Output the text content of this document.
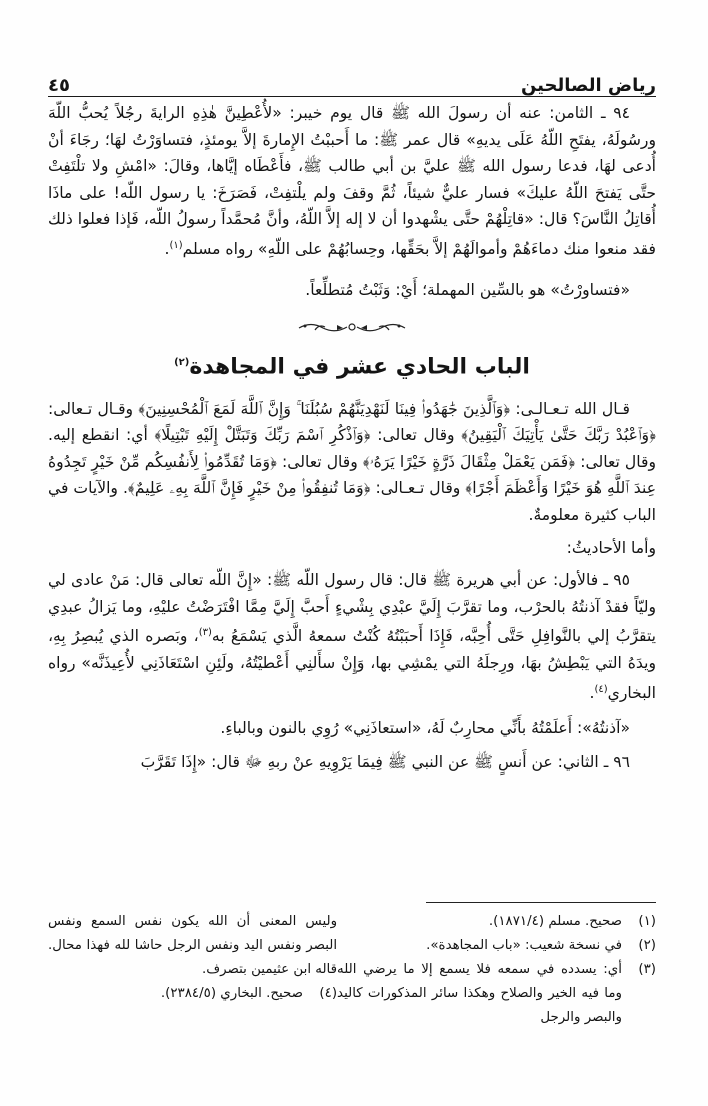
رياض الصالحين
٤٥

٩٤ ـ الثامن: عنه أن رسولَ الله ﷺ قال يوم خيبر: «لأُعْطِينَّ هٰذِهِ الرايةَ رجُلاً يُحبُّ اللّهَ ورسُولَهُ، يفتَحِ اللّهُ عَلَى يديهِ» قال عمر ﷺ: ما أَحببْتُ الإِمارةَ إلاَّ يومئذٍ، فتساوَرْتُ لهَا؛ رجَاءَ أنْ أُدعى لهَا، فدعا رسول الله ﷺ عليَّ بن أبي طالب ﷺ، فأَعْطَاه إيَّاها، وقالَ: «امْشِ ولا تلْتَفِتْ حتَّى يَفتحَ اللّهُ عليكَ» فسار عليٌّ شيئاً، ثُمَّ وقفَ ولم يلْتفِتْ، فَصَرَخَ: يا رسول اللّه! على ماذَا أُقاتِلُ النَّاسَ؟ قال: «قاتِلْهُمْ حتَّى يشْهدوا أن لا إله إلاَّ اللّهُ، وأنَّ مُحمَّداً رسولُ اللّه، فَإذا فعلوا ذلك فقد منعوا منك دماءَهُمْ وأموالَهُمْ إلاَّ بحَقِّها، وحِسابُهُمْ على اللّهِ» رواه مسلم$^{(١)}$.

«فتساورْتُ» هو بالسِّين المهملة؛ أَيْ: وَثَبْتُ مُتطلِّعاً.

الباب الحادي عشر في المجاهدة$^{(٢)}$

قـال الله تـعـالـى: ﴿وَٱلَّذِينَ جَٰهَدُوا۟ فِينَا لَنَهْدِيَنَّهُمْ سُبُلَنَا ۚ وَإِنَّ ٱللَّهَ لَمَعَ ٱلْمُحْسِنِينَ﴾ وقـال تـعالى: ﴿وَٱعْبُدْ رَبَّكَ حَتَّىٰ يَأْتِيَكَ ٱلْيَقِينُ﴾ وقال تعالى: ﴿وَٱذْكُرِ ٱسْمَ رَبِّكَ وَتَبَتَّلْ إِلَيْهِ تَبْتِيلًا﴾ أي: انقطع إليه. وقال تعالى: ﴿فَمَن يَعْمَلْ مِثْقَالَ ذَرَّةٍ خَيْرًا يَرَهُۥ﴾ وقال تعالى: ﴿وَمَا تُقَدِّمُوا۟ لِأَنفُسِكُم مِّنْ خَيْرٍ تَجِدُوهُ عِندَ ٱللَّهِ هُوَ خَيْرًا وَأَعْظَمَ أَجْرًا﴾ وقال تـعـالى: ﴿وَمَا تُنفِقُوا۟ مِنْ خَيْرٍ فَإِنَّ ٱللَّهَ بِهِۦ عَلِيمٌ﴾. والآيات في الباب كثيرة معلومةٌ.

وأما الأحاديثُ:

٩٥ ـ فالأول: عن أبي هريرة ﷺ قال: قال رسول اللّه ﷺ: «إِنَّ اللّه تعالى قال: مَنْ عادى لي وليّاً فقدْ آذنتُهُ بالحرْب، وما تقرَّبَ إِلَيَّ عبْدِي بِشْيءٍ أَحبَّ إِلَيَّ مِمَّا افْتَرَضْتُ عليْهِ، وما يَزالُ عبدِي يتقرَّبُ إلي بالنَّوافِلِ حَتَّى أُحِبَّه، فَإِذَا أَحبَبْتُهُ كُنْتُ سمعهُ الَّذي يَسْمَعُ به$^{(٣)}$، وبَصره الذي يُبصِرُ بِهِ، ويدَهُ التي يَبْطِشُ بهَا، ورِجلَهُ التي يمْشِي بها، وَإِنْ سأَلنِي أَعْطيْتُهُ، ولَئِنِ اسْتَعَاذَنِي لأُعِيذَنَّه» رواه البخاري$^{(٤)}$.

«آذنتُهُ»: أَعلَمْتُهُ بأَنِّي محارِبٌ لَهُ، «استعاذَنِي» رُوِي بالنون وبالباءِ.

٩٦ ـ الثاني: عن أَنسٍ ﷺ عن النبي ﷺ فِيمَا يَرْوِيهِ عنْ ربهِ ﷻ قال: «إِذَا تَقَرَّبَ

(١)
صحيح. مسلم (١٨٧١/٤).
(٢)
في نسخة شعيب: «باب المجاهدة».
(٣)
أي: يسدده في سمعه فلا يسمع إلا ما يرضي الله وما فيه الخير والصلاح وهكذا سائر المذكورات كاليد والبصر والرجل
وليس المعنى أن الله يكون نفس السمع ونفس البصر ونفس اليد ونفس الرجل حاشا لله فهذا محال. قاله ابن عثيمين بتصرف.
(٤)
صحيح. البخاري (٢٣٨٤/٥).
